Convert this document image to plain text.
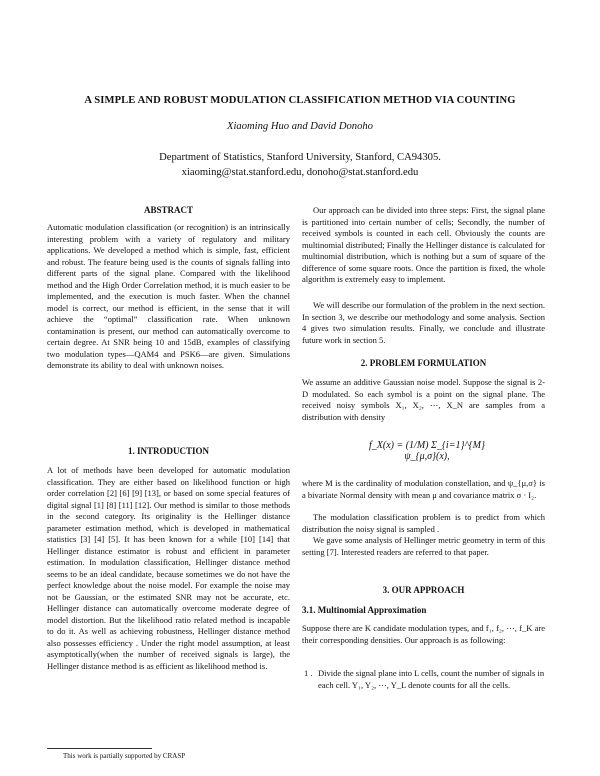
A SIMPLE AND ROBUST MODULATION CLASSIFICATION METHOD VIA COUNTING
Xiaoming Huo and David Donoho
Department of Statistics, Stanford University, Stanford, CA94305.
xiaoming@stat.stanford.edu, donoho@stat.stanford.edu
ABSTRACT

Automatic modulation classification (or recognition) is an intrinsically interesting problem with a variety of regulatory and military applications. We developed a method which is simple, fast, efficient and robust. The feature being used is the counts of signals falling into different parts of the signal plane. Compared with the likelihood method and the High Order Correlation method, it is much easier to be implemented, and the execution is much faster. When the channel model is correct, our method is efficient, in the sense that it will achieve the “optimal” classification rate. When unknown contamination is present, our method can automatically overcome to certain degree. At SNR being 10 and 15dB, examples of classifying two modulation types—QAM4 and PSK6—are given. Simulations demonstrate its ability to deal with unknown noises.

1. INTRODUCTION

A lot of methods have been developed for automatic modulation classification. They are either based on likelihood function or high order correlation [2] [6] [9] [13], or based on some special features of digital signal [1] [8] [11] [12]. Our method is similar to those methods in the second category. Its originality is the Hellinger distance parameter estimation method, which is developed in mathematical statistics [3] [4] [5]. It has been known for a while [10] [14] that Hellinger distance estimator is robust and efficient in parameter estimation. In modulation classification, Hellinger distance method seems to be an ideal candidate, because sometimes we do not have the perfect knowledge about the noise model. For example the noise may not be Gaussian, or the estimated SNR may not be accurate, etc. Hellinger distance can automatically overcome moderate degree of model distortion. But the likelihood ratio related method is incapable to do it. As well as achieving robustness, Hellinger distance method also possesses efficiency . Under the right model assumption, at least asymptotically(when the number of received signals is large), the Hellinger distance method is as efficient as likelihood method is.

This work is partially supported by CRASP

Our approach can be divided into three steps: First, the signal plane is partitioned into certain number of cells; Secondly, the number of received symbols is counted in each cell. Obviously the counts are multinomial distributed; Finally the Hellinger distance is calculated for multinomial distribution, which is nothing but a sum of square of the difference of some square roots. Once the partition is fixed, the whole algorithm is extremely easy to implement.

We will describe our formulation of the problem in the next section. In section 3, we describe our methodology and some analysis. Section 4 gives two simulation results. Finally, we conclude and illustrate future work in section 5.

2. PROBLEM FORMULATION

We assume an additive Gaussian noise model. Suppose the signal is 2-D modulated. So each symbol is a point on the signal plane. The received noisy symbols X₁, X₂, ⋯, X_N are samples from a distribution with density

f_X(x) = (1/M) Σ_{i=1}^{M} ψ_{μ,σ}(x),

where M is the cardinality of modulation constellation, and ψ_{μ,σ} is a bivariate Normal density with mean μ and covariance matrix σ · I₂.

The modulation classification problem is to predict from which distribution the noisy signal is sampled .

We gave some analysis of Hellinger metric geometry in term of this setting [7]. Interested readers are referred to that paper.

3. OUR APPROACH
3.1. Multinomial Approximation

Suppose there are K candidate modulation types, and f₁, f₂, ⋯, f_K are their corresponding densities. Our approach is as following:

1 . Divide the signal plane into L cells, count the number of signals in each cell. Y₁, Y₂, ⋯, Y_L denote counts for all the cells.
